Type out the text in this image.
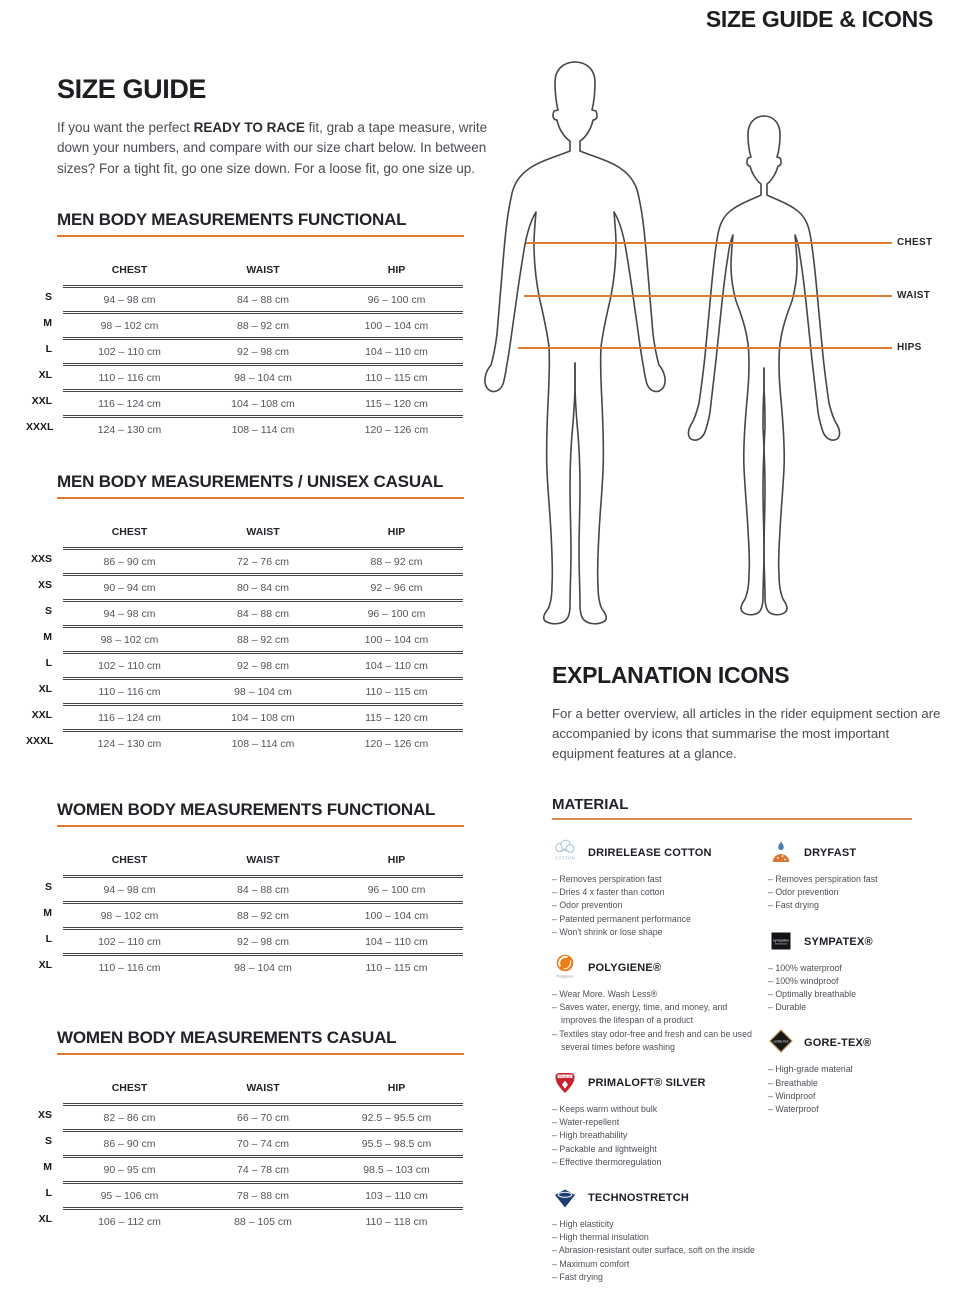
SIZE GUIDE & ICONS
SIZE GUIDE
If you want the perfect READY TO RACE fit, grab a tape measure, write down your numbers, and compare with our size chart below. In between sizes? For a tight fit, go one size down. For a loose fit, go one size up.
MEN BODY MEASUREMENTS FUNCTIONAL
CHEST	WAIST	HIP
S	94 – 98 cm	84 – 88 cm	96 – 100 cm
M	98 – 102 cm	88 – 92 cm	100 – 104 cm
L	102 – 110 cm	92 – 98 cm	104 – 110 cm
XL	110 – 116 cm	98 – 104 cm	110 – 115 cm
XXL	116 – 124 cm	104 – 108 cm	115 – 120 cm
XXXL	124 – 130 cm	108 – 114 cm	120 – 126 cm
MEN BODY MEASUREMENTS / UNISEX CASUAL
CHEST	WAIST	HIP
XXS	86 – 90 cm	72 – 76 cm	88 – 92 cm
XS	90 – 94 cm	80 – 84 cm	92 – 96 cm
S	94 – 98 cm	84 – 88 cm	96 – 100 cm
M	98 – 102 cm	88 – 92 cm	100 – 104 cm
L	102 – 110 cm	92 – 98 cm	104 – 110 cm
XL	110 – 116 cm	98 – 104 cm	110 – 115 cm
XXL	116 – 124 cm	104 – 108 cm	115 – 120 cm
XXXL	124 – 130 cm	108 – 114 cm	120 – 126 cm
WOMEN BODY MEASUREMENTS FUNCTIONAL
CHEST	WAIST	HIP
S	94 – 98 cm	84 – 88 cm	96 – 100 cm
M	98 – 102 cm	88 – 92 cm	100 – 104 cm
L	102 – 110 cm	92 – 98 cm	104 – 110 cm
XL	110 – 116 cm	98 – 104 cm	110 – 115 cm
WOMEN BODY MEASUREMENTS CASUAL
CHEST	WAIST	HIP
XS	82 – 86 cm	66 – 70 cm	92.5 – 95.5 cm
S	86 – 90 cm	70 – 74 cm	95.5 – 98.5 cm
M	90 – 95 cm	74 – 78 cm	98.5 – 103 cm
L	95 – 106 cm	78 – 88 cm	103 – 110 cm
XL	106 – 112 cm	88 – 105 cm	110 – 118 cm
CHEST
WAIST
HIPS
EXPLANATION ICONS
For a better overview, all articles in the rider equipment section are accompanied by icons that summarise the most important equipment features at a glance.
MATERIAL
COTTON DRIRELEASE COTTON
– Removes perspiration fast
– Dries 4 x faster than cotton
– Odor prevention
– Patented permanent performance
– Won't shrink or lose shape
Polygiene
POLYGIENE®
– Wear More. Wash Less®
– Saves water, energy, time, and money, and improves the lifespan of a product
– Textiles stay odor-free and fresh and can be used several times before washing
PrimaLoft
PRIMALOFT® SILVER
– Keeps warm without bulk
– Water-repellent
– High breathability
– Packable and lightweight
– Effective thermoregulation
TECHNOSTRETCH
– High elasticity
– High thermal insulation
– Abrasion-resistant outer surface, soft on the inside
– Maximum comfort
– Fast drying
DRYFAST
– Removes perspiration fast
– Odor prevention
– Fast drying
sympatex SYMPATEX®
– 100% waterproof
– 100% windproof
– Optimally breathable
– Durable
GORE-TEX GORE-TEX®
– High-grade material
– Breathable
– Windproof
– Waterproof
